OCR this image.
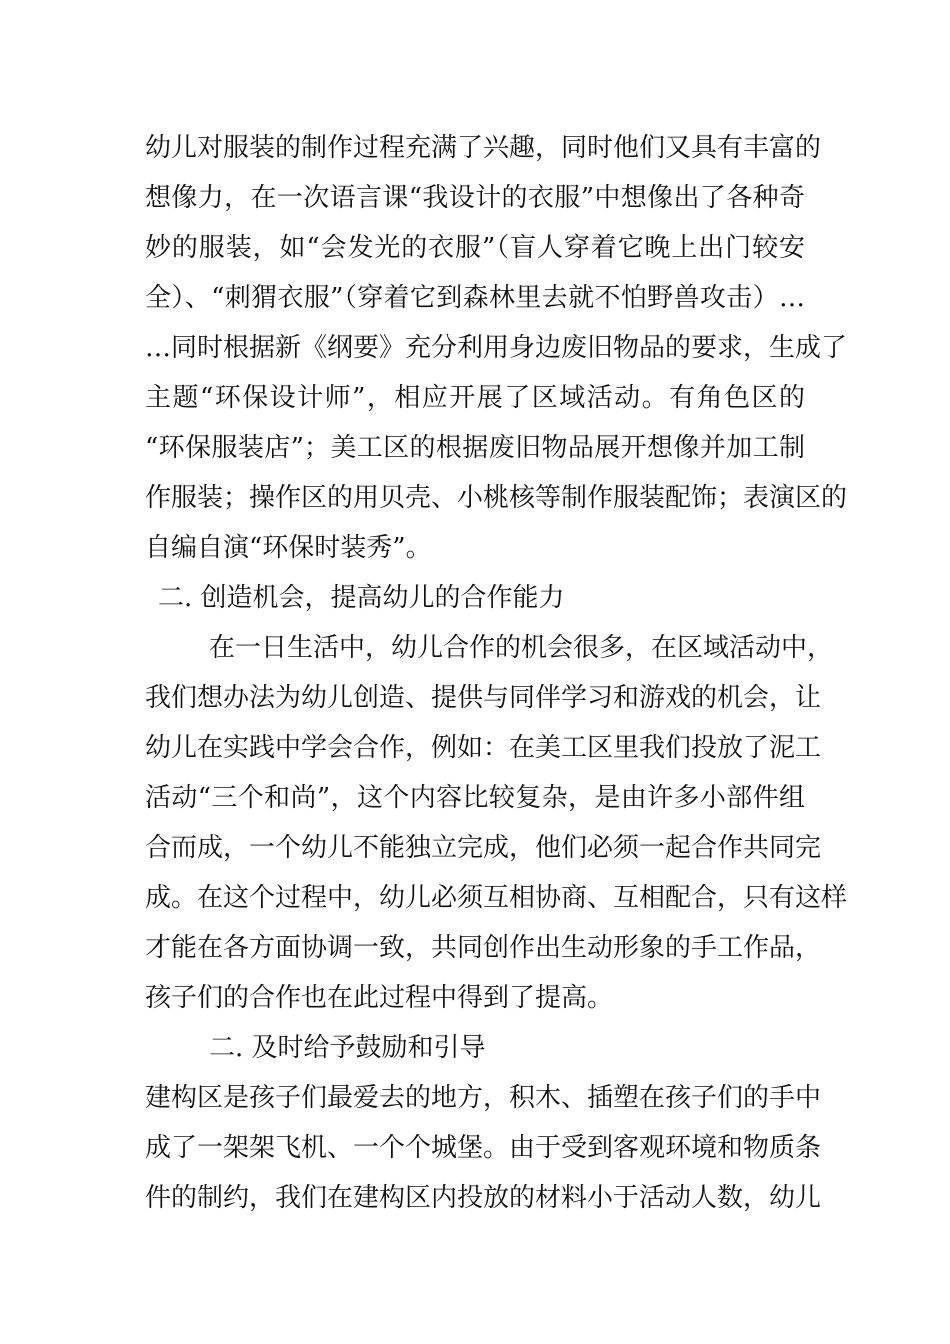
幼儿对服装的制作过程充满了兴趣，同时他们又具有丰富的
想像力，在一次语言课“我设计的衣服”中想像出了各种奇
妙的服装，如“会发光的衣服”（盲人穿着它晚上出门较安
全）、“刺猬衣服”（穿着它到森林里去就不怕野兽攻击）…
…同时根据新《纲要》充分利用身边废旧物品的要求，生成了
主题“环保设计师”，相应开展了区域活动。有角色区的
“环保服装店”；美工区的根据废旧物品展开想像并加工制
作服装；操作区的用贝壳、小桃核等制作服装配饰；表演区的
自编自演“环保时装秀”。
二. 创造机会，提高幼儿的合作能力
在一日生活中，幼儿合作的机会很多，在区域活动中，
我们想办法为幼儿创造、提供与同伴学习和游戏的机会，让
幼儿在实践中学会合作，例如：在美工区里我们投放了泥工
活动“三个和尚”，这个内容比较复杂，是由许多小部件组
合而成，一个幼儿不能独立完成，他们必须一起合作共同完
成。在这个过程中，幼儿必须互相协商、互相配合，只有这样
才能在各方面协调一致，共同创作出生动形象的手工作品，
孩子们的合作也在此过程中得到了提高。
二. 及时给予鼓励和引导
建构区是孩子们最爱去的地方，积木、插塑在孩子们的手中
成了一架架飞机、一个个城堡。由于受到客观环境和物质条
件的制约，我们在建构区内投放的材料小于活动人数，幼儿
